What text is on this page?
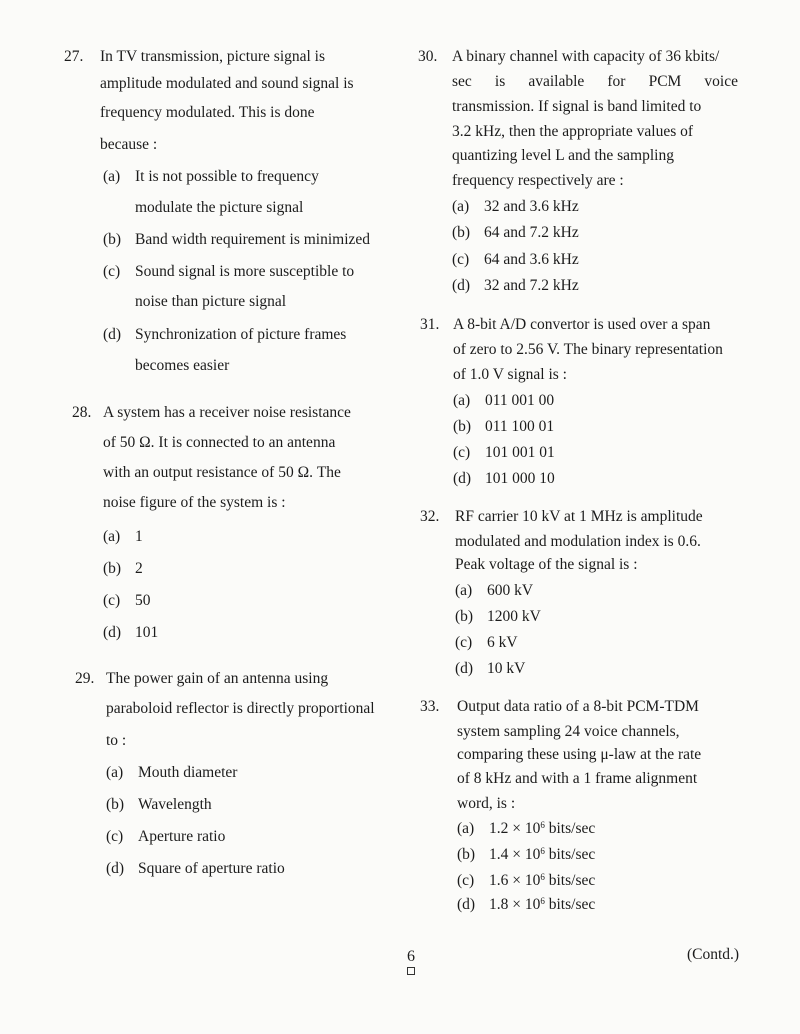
27. In TV transmission, picture signal is
amplitude modulated and sound signal is
frequency modulated. This is done
because :
(a) It is not possible to frequency
modulate the picture signal
(b) Band width requirement is minimized
(c) Sound signal is more susceptible to
noise than picture signal
(d) Synchronization of picture frames
becomes easier
28. A system has a receiver noise resistance
of 50 Ω. It is connected to an antenna
with an output resistance of 50 Ω. The
noise figure of the system is :
(a) 1
(b) 2
(c) 50
(d) 101
29. The power gain of an antenna using
paraboloid reflector is directly proportional
to :
(a) Mouth diameter
(b) Wavelength
(c) Aperture ratio
(d) Square of aperture ratio
30. A binary channel with capacity of 36 kbits/
sec is available for PCM voice
transmission. If signal is band limited to
3.2 kHz, then the appropriate values of
quantizing level L and the sampling
frequency respectively are :
(a) 32 and 3.6 kHz
(b) 64 and 7.2 kHz
(c) 64 and 3.6 kHz
(d) 32 and 7.2 kHz
31. A 8-bit A/D convertor is used over a span
of zero to 2.56 V. The binary representation
of 1.0 V signal is :
(a) 011 001 00
(b) 011 100 01
(c) 101 001 01
(d) 101 000 10
32. RF carrier 10 kV at 1 MHz is amplitude
modulated and modulation index is 0.6.
Peak voltage of the signal is :
(a) 600 kV
(b) 1200 kV
(c) 6 kV
(d) 10 kV
33. Output data ratio of a 8-bit PCM-TDM
system sampling 24 voice channels,
comparing these using μ-law at the rate
of 8 kHz and with a 1 frame alignment
word, is :
(a) $1.2 \times 10^6$ bits/sec
(b) $1.4 \times 10^6$ bits/sec
(c) $1.6 \times 10^6$ bits/sec
(d) $1.8 \times 10^6$ bits/sec
6	(Contd.)
